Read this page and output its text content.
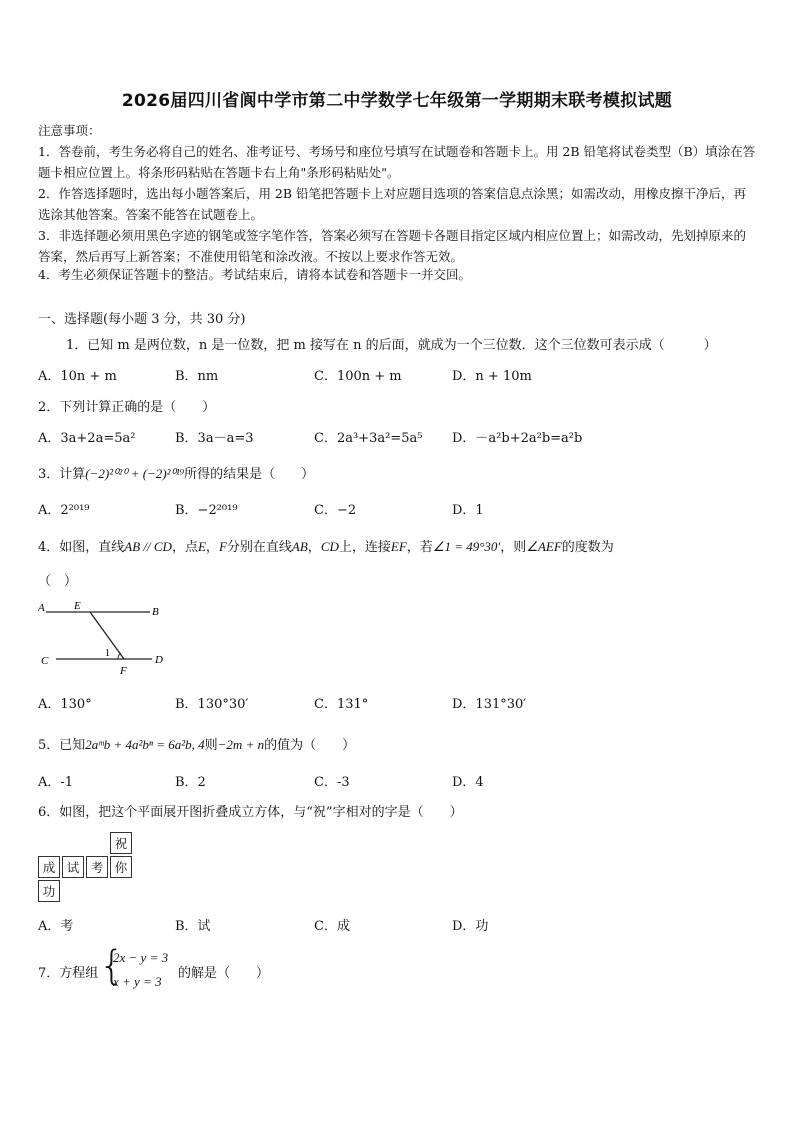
2026届四川省阆中学市第二中学数学七年级第一学期期末联考模拟试题
注意事项：
1．答卷前，考生务必将自己的姓名、准考证号、考场号和座位号填写在试题卷和答题卡上。用 2B 铅笔将试卷类型（B）填涂在答题卡相应位置上。将条形码粘贴在答题卡右上角"条形码粘贴处"。
2．作答选择题时，选出每小题答案后，用 2B 铅笔把答题卡上对应题目选项的答案信息点涂黑；如需改动，用橡皮擦干净后，再选涂其他答案。答案不能答在试题卷上。
3．非选择题必须用黑色字迹的钢笔或签字笔作答，答案必须写在答题卡各题目指定区域内相应位置上；如需改动，先划掉原来的答案，然后再写上新答案；不准使用铅笔和涂改液。不按以上要求作答无效。
4．考生必须保证答题卡的整洁。考试结束后，请将本试卷和答题卡一并交回。
一、选择题(每小题 3 分，共 30 分)
1．已知 m 是两位数，n 是一位数，把 m 接写在 n 的后面，就成为一个三位数．这个三位数可表示成（　　　）
A．10n + m	B．nm	C．100n + m	D．n + 10m
2．下列计算正确的是（　　）
A．3a+2a=5a²	B．3a－a=3	C．2a³+3a²=5a⁵ D．－a²b+2a²b=a²b
3．计算(−2)²⁰²⁰ + (−2)²⁰¹⁹所得的结果是（　　）
A．2²⁰¹⁹	B．−2²⁰¹⁹	C．−2	D．1
4．如图，直线AB // CD，点E，F分别在直线AB，CD上，连接EF，若∠1 = 49°30′，则∠AEF的度数为
（　）
A	E	B
C
1
F
D
A．130°	B．130°30′	C．131°	D．131°30′
5．已知2aᵐb + 4a²bⁿ = 6a²b, 4则−2m + n的值为（　　）
A．-1	B．2	C．-3	D．4
6．如图，把这个平面展开图折叠成立方体，与“祝”字相对的字是（　　）
祝
成 试 考 你
功
A．考	B．试	C．成	D．功
7．方程组 {
2x − y = 3
x + y = 3
的解是（　　）
